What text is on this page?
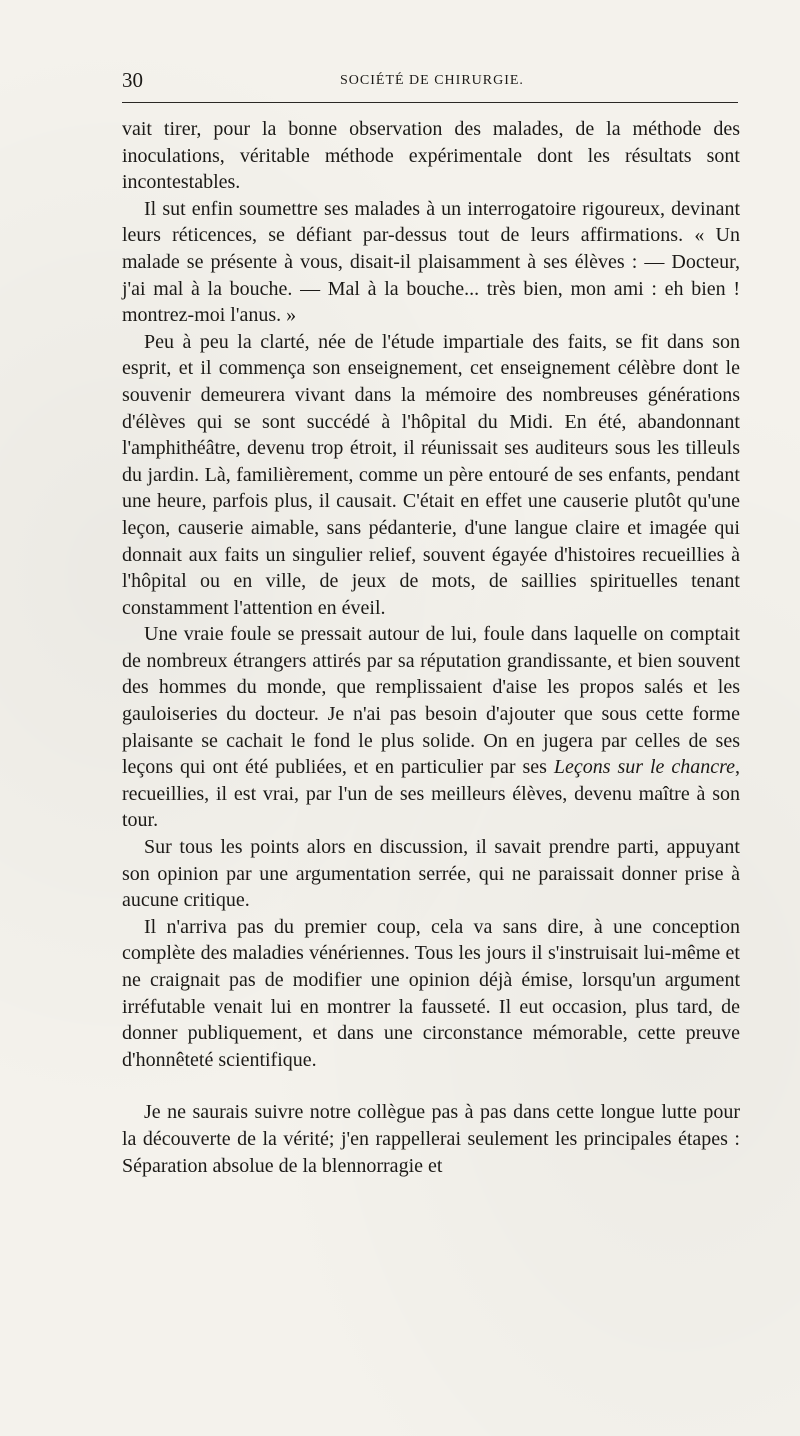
30	SOCIÉTÉ DE CHIRURGIE.

vait tirer, pour la bonne observation des malades, de la méthode des inoculations, véritable méthode expérimentale dont les résultats sont incontestables.

Il sut enfin soumettre ses malades à un interrogatoire rigoureux, devinant leurs réticences, se défiant par-dessus tout de leurs affirmations. « Un malade se présente à vous, disait-il plaisamment à ses élèves : — Docteur, j'ai mal à la bouche. — Mal à la bouche... très bien, mon ami : eh bien ! montrez-moi l'anus. »

Peu à peu la clarté, née de l'étude impartiale des faits, se fit dans son esprit, et il commença son enseignement, cet enseignement célèbre dont le souvenir demeurera vivant dans la mémoire des nombreuses générations d'élèves qui se sont succédé à l'hôpital du Midi. En été, abandonnant l'amphithéâtre, devenu trop étroit, il réunissait ses auditeurs sous les tilleuls du jardin. Là, familièrement, comme un père entouré de ses enfants, pendant une heure, parfois plus, il causait. C'était en effet une causerie plutôt qu'une leçon, causerie aimable, sans pédanterie, d'une langue claire et imagée qui donnait aux faits un singulier relief, souvent égayée d'histoires recueillies à l'hôpital ou en ville, de jeux de mots, de saillies spirituelles tenant constamment l'attention en éveil.

Une vraie foule se pressait autour de lui, foule dans laquelle on comptait de nombreux étrangers attirés par sa réputation grandissante, et bien souvent des hommes du monde, que remplissaient d'aise les propos salés et les gauloiseries du docteur. Je n'ai pas besoin d'ajouter que sous cette forme plaisante se cachait le fond le plus solide. On en jugera par celles de ses leçons qui ont été publiées, et en particulier par ses Leçons sur le chancre, recueillies, il est vrai, par l'un de ses meilleurs élèves, devenu maître à son tour.

Sur tous les points alors en discussion, il savait prendre parti, appuyant son opinion par une argumentation serrée, qui ne paraissait donner prise à aucune critique.

Il n'arriva pas du premier coup, cela va sans dire, à une conception complète des maladies vénériennes. Tous les jours il s'instruisait lui-même et ne craignait pas de modifier une opinion déjà émise, lorsqu'un argument irréfutable venait lui en montrer la fausseté. Il eut occasion, plus tard, de donner publiquement, et dans une circonstance mémorable, cette preuve d'honnêteté scientifique.

Je ne saurais suivre notre collègue pas à pas dans cette longue lutte pour la découverte de la vérité; j'en rappellerai seulement les principales étapes : Séparation absolue de la blennorragie et
